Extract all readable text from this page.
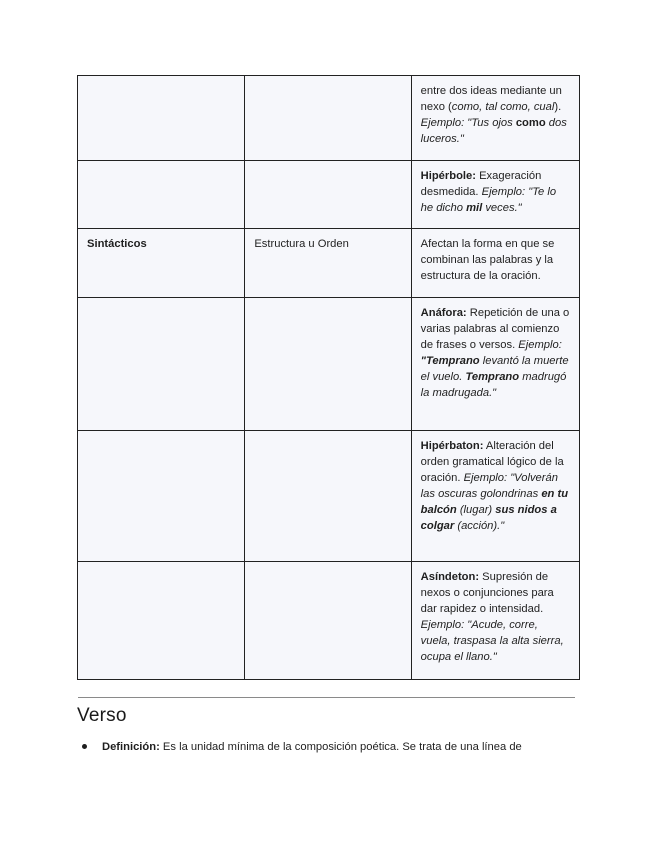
		entre dos ideas mediante un nexo (como, tal como, cual). Ejemplo: "Tus ojos como dos luceros."
		Hipérbole: Exageración desmedida. Ejemplo: "Te lo he dicho mil veces."
Sintácticos	Estructura u Orden	Afectan la forma en que se combinan las palabras y la estructura de la oración.
		Anáfora: Repetición de una o varias palabras al comienzo de frases o versos. Ejemplo: "Temprano levantó la muerte el vuelo. Temprano madrugó la madrugada."
		Hipérbaton: Alteración del orden gramatical lógico de la oración. Ejemplo: "Volverán las oscuras golondrinas en tu balcón (lugar) sus nidos a colgar (acción)."
		Asíndeton: Supresión de nexos o conjunciones para dar rapidez o intensidad. Ejemplo: "Acude, corre, vuela, traspasa la alta sierra, ocupa el llano."
Verso
Definición: Es la unidad mínima de la composición poética. Se trata de una línea de
